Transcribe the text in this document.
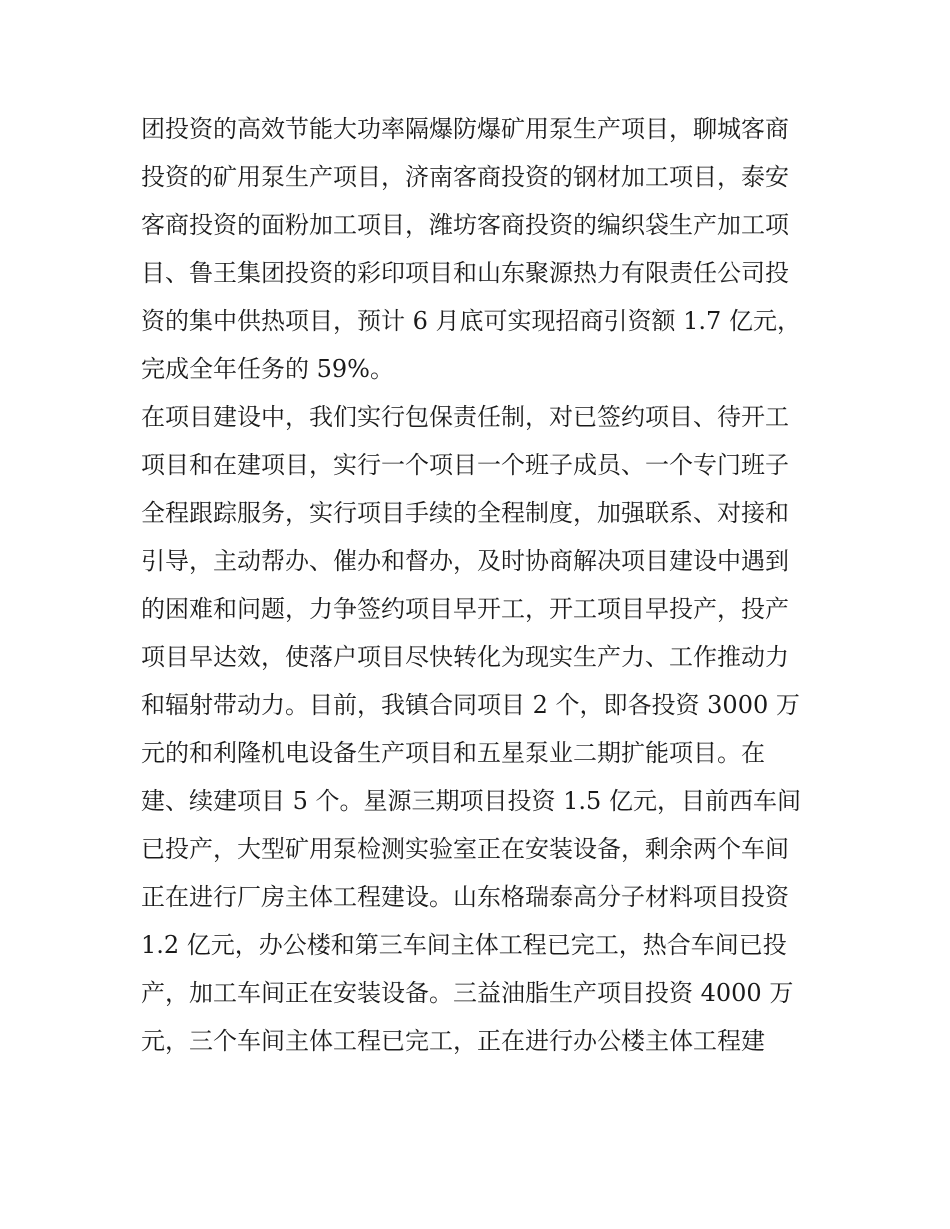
团投资的高效节能大功率隔爆防爆矿用泵生产项目，聊城客商
投资的矿用泵生产项目，济南客商投资的钢材加工项目，泰安
客商投资的面粉加工项目，潍坊客商投资的编织袋生产加工项
目、鲁王集团投资的彩印项目和山东聚源热力有限责任公司投
资的集中供热项目，预计 6 月底可实现招商引资额 1.7 亿元，
完成全年任务的 59%。
在项目建设中，我们实行包保责任制，对已签约项目、待开工
项目和在建项目，实行一个项目一个班子成员、一个专门班子
全程跟踪服务，实行项目手续的全程制度，加强联系、对接和
引导，主动帮办、催办和督办，及时协商解决项目建设中遇到
的困难和问题，力争签约项目早开工，开工项目早投产，投产
项目早达效，使落户项目尽快转化为现实生产力、工作推动力
和辐射带动力。目前，我镇合同项目 2 个，即各投资 3000 万
元的和利隆机电设备生产项目和五星泵业二期扩能项目。在
建、续建项目 5 个。星源三期项目投资 1.5 亿元，目前西车间
已投产，大型矿用泵检测实验室正在安装设备，剩余两个车间
正在进行厂房主体工程建设。山东格瑞泰高分子材料项目投资
1.2 亿元，办公楼和第三车间主体工程已完工，热合车间已投
产，加工车间正在安装设备。三益油脂生产项目投资 4000 万
元，三个车间主体工程已完工，正在进行办公楼主体工程建
